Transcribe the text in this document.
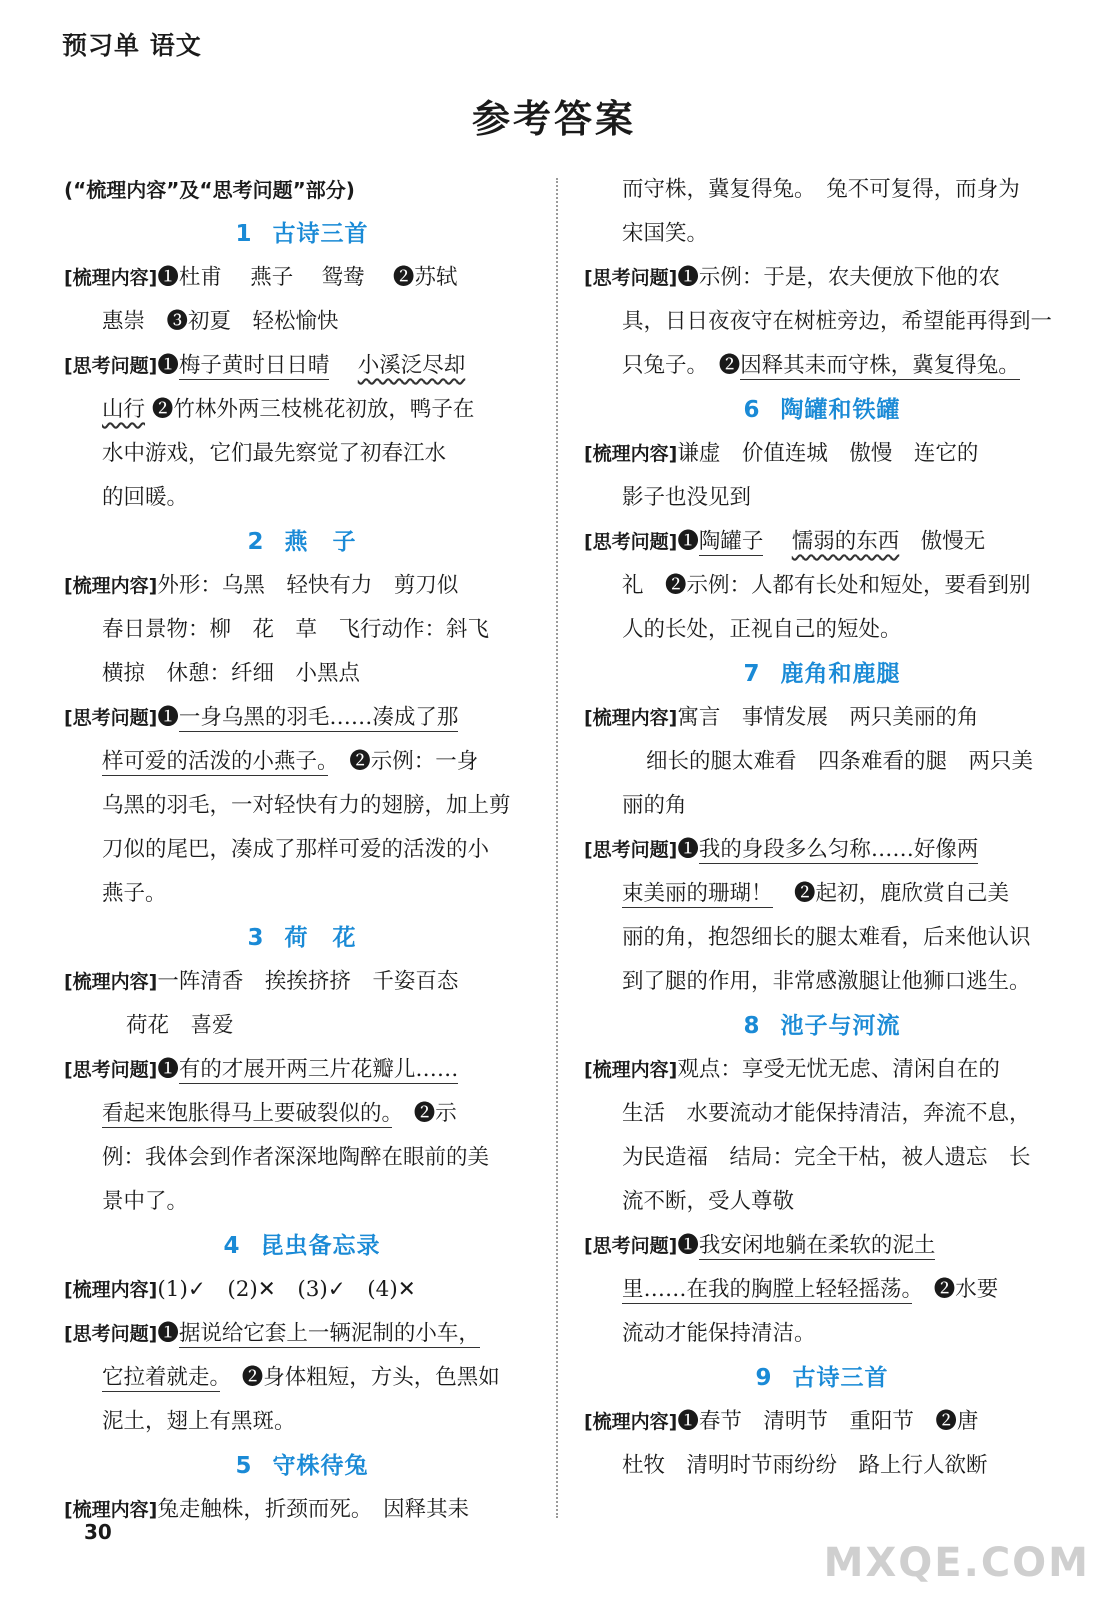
预习单 语文
参考答案
(“梳理内容”及“思考问题”部分)
1 古诗三首
[梳理内容]❶杜甫　 燕子　 鸳鸯　 ❷苏轼
惠崇　❸初夏　轻松愉快
[思考问题]❶梅子黄时日日晴　 小溪泛尽却
山行 ❷竹林外两三枝桃花初放，鸭子在
水中游戏，它们最先察觉了初春江水
的回暖。
2 燕　子
[梳理内容]外形：乌黑　轻快有力　剪刀似
春日景物：柳　花　草　飞行动作：斜飞
横掠　休憩：纤细　小黑点
[思考问题]❶一身乌黑的羽毛……凑成了那
样可爱的活泼的小燕子。　❷示例：一身
乌黑的羽毛，一对轻快有力的翅膀，加上剪
刀似的尾巴，凑成了那样可爱的活泼的小
燕子。
3 荷　花
[梳理内容]一阵清香　挨挨挤挤　千姿百态
荷花　喜爱
[思考问题]❶有的才展开两三片花瓣儿……
看起来饱胀得马上要破裂似的。　❷示
例：我体会到作者深深地陶醉在眼前的美
景中了。
4 昆虫备忘录
[梳理内容](1)✓　(2)✕　(3)✓　(4)✕
[思考问题]❶据说给它套上一辆泥制的小车，
它拉着就走。　❷身体粗短，方头，色黑如
泥土，翅上有黑斑。
5 守株待兔
[梳理内容]兔走触株，折颈而死。　因释其耒
而守株，冀复得兔。　兔不可复得，而身为
宋国笑。
[思考问题]❶示例：于是，农夫便放下他的农
具，日日夜夜守在树桩旁边，希望能再得到一
只兔子。　❷因释其耒而守株，冀复得兔。
6 陶罐和铁罐
[梳理内容]谦虚　价值连城　傲慢　连它的
影子也没见到
[思考问题]❶陶罐子　 懦弱的东西　傲慢无
礼　❷示例：人都有长处和短处，要看到别
人的长处，正视自己的短处。
7 鹿角和鹿腿
[梳理内容]寓言　事情发展　两只美丽的角
细长的腿太难看　四条难看的腿　两只美
丽的角
[思考问题]❶我的身段多么匀称……好像两
束美丽的珊瑚！　❷起初，鹿欣赏自己美
丽的角，抱怨细长的腿太难看，后来他认识
到了腿的作用，非常感激腿让他狮口逃生。
8 池子与河流
[梳理内容]观点：享受无忧无虑、清闲自在的
生活　水要流动才能保持清洁，奔流不息，
为民造福　结局：完全干枯，被人遗忘　长
流不断，受人尊敬
[思考问题]❶我安闲地躺在柔软的泥土
里……在我的胸膛上轻轻摇荡。　❷水要
流动才能保持清洁。
9 古诗三首
[梳理内容]❶春节　清明节　重阳节　❷唐
杜牧　清明时节雨纷纷　路上行人欲断
30
MXQE.COM
